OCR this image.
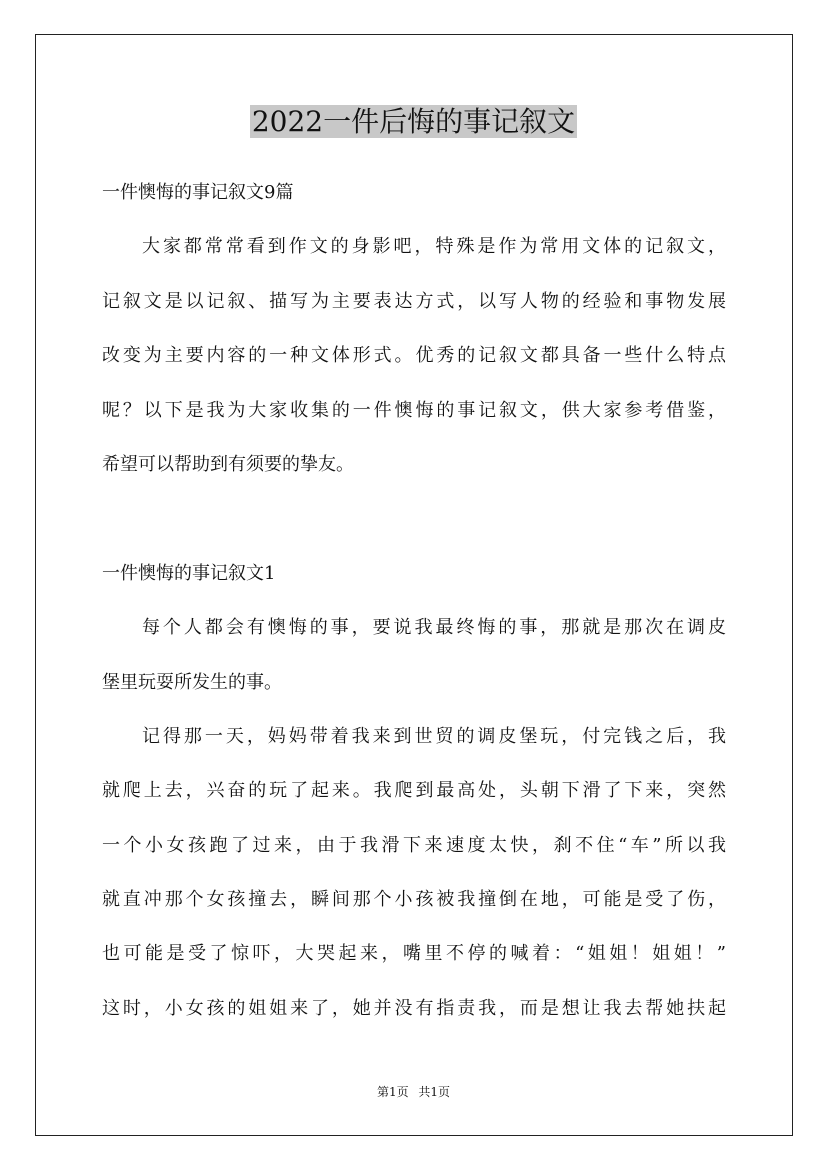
2022一件后悔的事记叙文
一件懊悔的事记叙文9篇
大家都常常看到作文的身影吧，特殊是作为常用文体的记叙文，
记叙文是以记叙、描写为主要表达方式，以写人物的经验和事物发展
改变为主要内容的一种文体形式。优秀的记叙文都具备一些什么特点
呢？以下是我为大家收集的一件懊悔的事记叙文，供大家参考借鉴，
希望可以帮助到有须要的挚友。
一件懊悔的事记叙文1
每个人都会有懊悔的事，要说我最终悔的事，那就是那次在调皮
堡里玩耍所发生的事。
记得那一天，妈妈带着我来到世贸的调皮堡玩，付完钱之后，我
就爬上去，兴奋的玩了起来。我爬到最高处，头朝下滑了下来，突然
一个小女孩跑了过来，由于我滑下来速度太快，刹不住“车”所以我
就直冲那个女孩撞去，瞬间那个小孩被我撞倒在地，可能是受了伤，
也可能是受了惊吓，大哭起来，嘴里不停的喊着：“姐姐！姐姐！”
这时，小女孩的姐姐来了，她并没有指责我，而是想让我去帮她扶起
第1页 共1页
